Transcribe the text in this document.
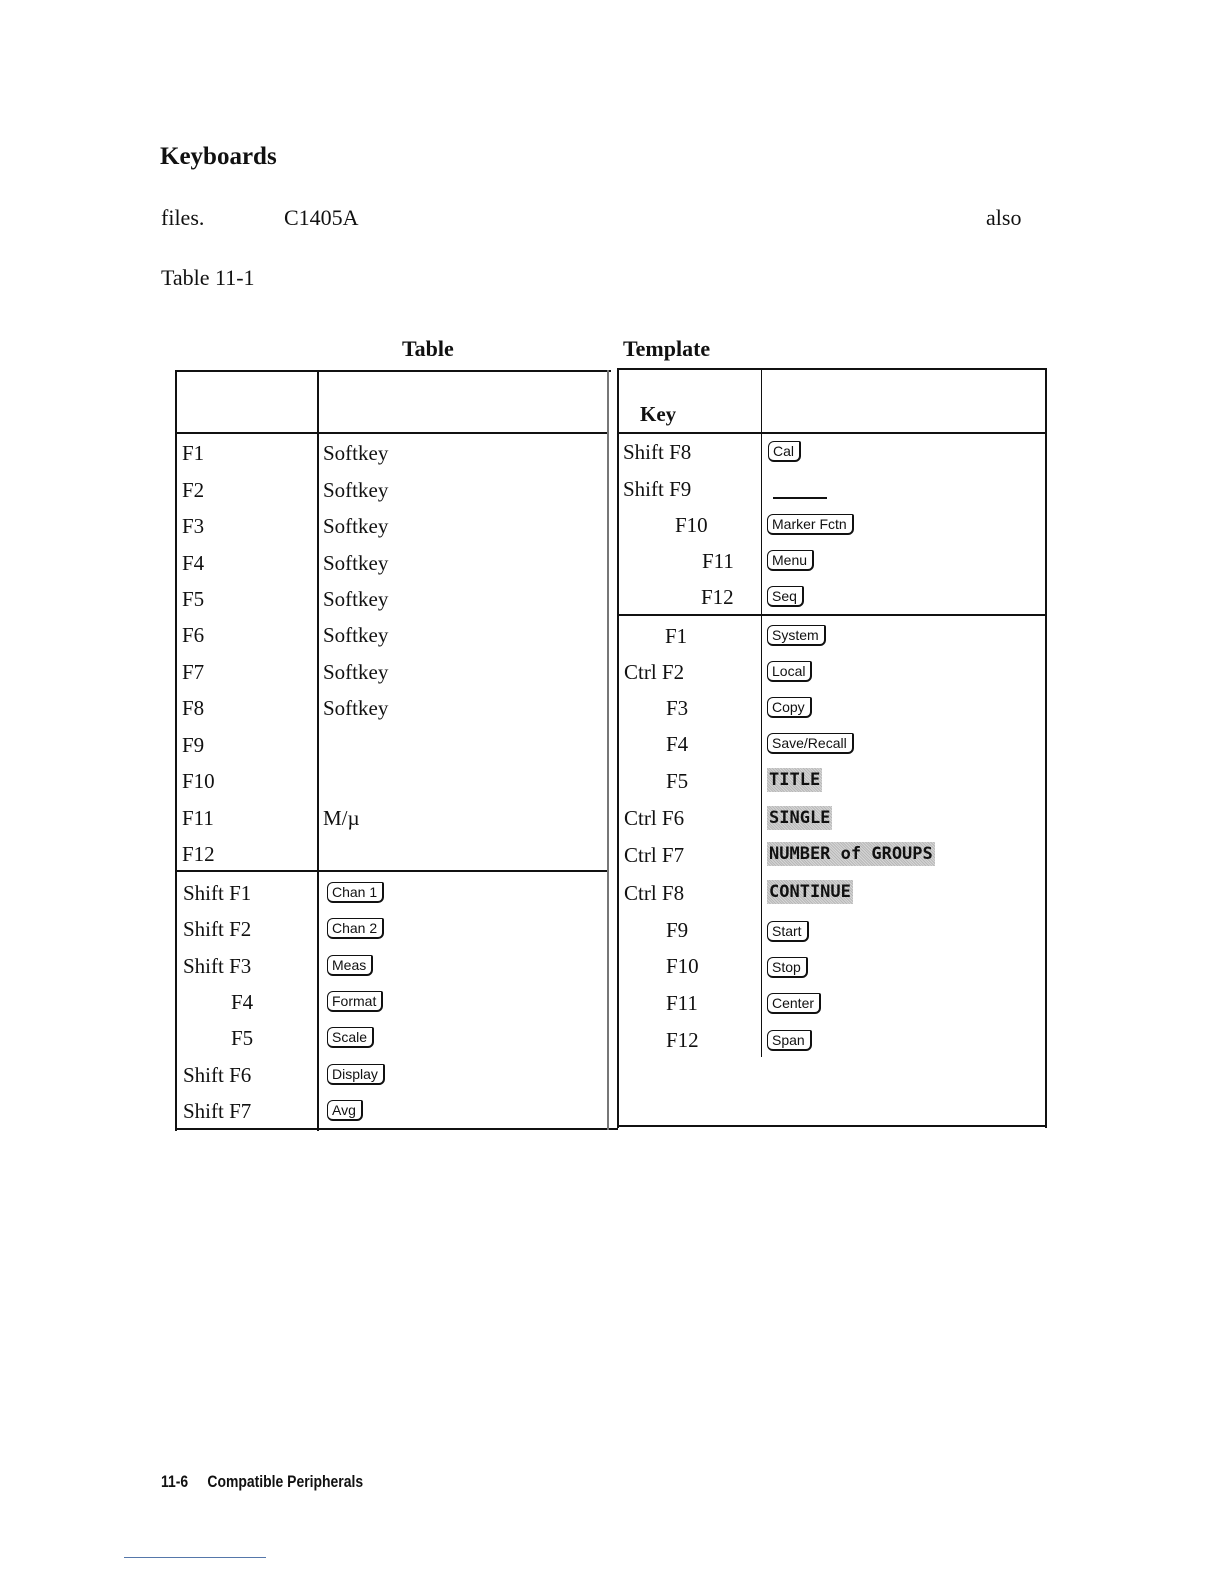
Keyboards
files.	C1405A	also
Table 11-1
Table	Template
Key
F1	Softkey
F2	Softkey
F3	Softkey
F4	Softkey
F5	Softkey
F6	Softkey
F7	Softkey
F8	Softkey
F9
F10
F11	M/µ
F12
Shift F1	Chan 1
Shift F2	Chan 2
Shift F3	Meas
F4	Format
F5	Scale
Shift F6	Display
Shift F7	Avg
Shift F8	Cal
Shift F9
F10	Marker Fctn
F11	Menu
F12	Seq
F1	System
Ctrl F2	Local
F3	Copy
F4	Save/Recall
F5	TITLE
Ctrl F6	SINGLE
Ctrl F7	NUMBER of GROUPS
Ctrl F8	CONTINUE
F9	Start
F10	Stop
F11	Center
F12	Span
11-6 Compatible Peripherals
